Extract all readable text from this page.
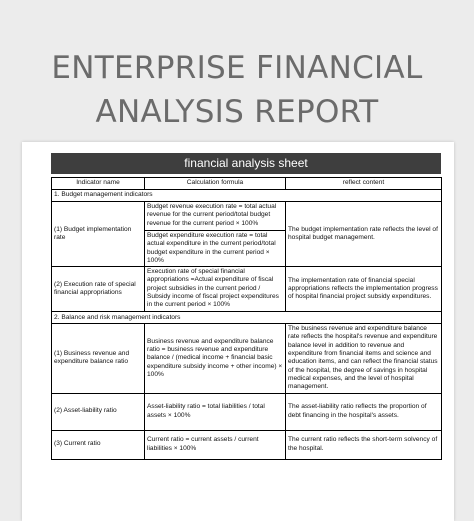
ENTERPRISE FINANCIAL
ANALYSIS REPORT
financial analysis sheet
Indicator name	Calculation formula	reflect content
1. Budget management indicators		
(1) Budget implementation rate	Budget revenue execution rate = total actual revenue for the current period/total budget revenue for the current period × 100%	The budget implementation rate reflects the level of hospital budget management.
	Budget expenditure execution rate = total actual expenditure in the current period/total budget expenditure in the current period × 100%	
(2) Execution rate of special financial appropriations	Execution rate of special financial appropriations =Actual expenditure of fiscal project subsidies in the current period / Subsidy income of fiscal project expenditures in the current period × 100%	The implementation rate of financial special appropriations reflects the implementation progress of hospital financial project subsidy expenditures.
2. Balance and risk management indicators		
(1) Business revenue and expenditure balance ratio	Business revenue and expenditure balance ratio = business revenue and expenditure balance / (medical income + financial basic expenditure subsidy income + other income) × 100%	The business revenue and expenditure balance rate reflects the hospital's revenue and expenditure balance level in addition to revenue and expenditure from financial items and science and education items, and can reflect the financial status of the hospital, the degree of savings in hospital medical expenses, and the level of hospital management.
(2) Asset-liability ratio	Asset-liability ratio = total liabilities / total assets × 100%	The asset-liability ratio reflects the proportion of debt financing in the hospital's assets.
(3) Current ratio	Current ratio = current assets / current liabilities × 100%	The current ratio reflects the short-term solvency of the hospital.
